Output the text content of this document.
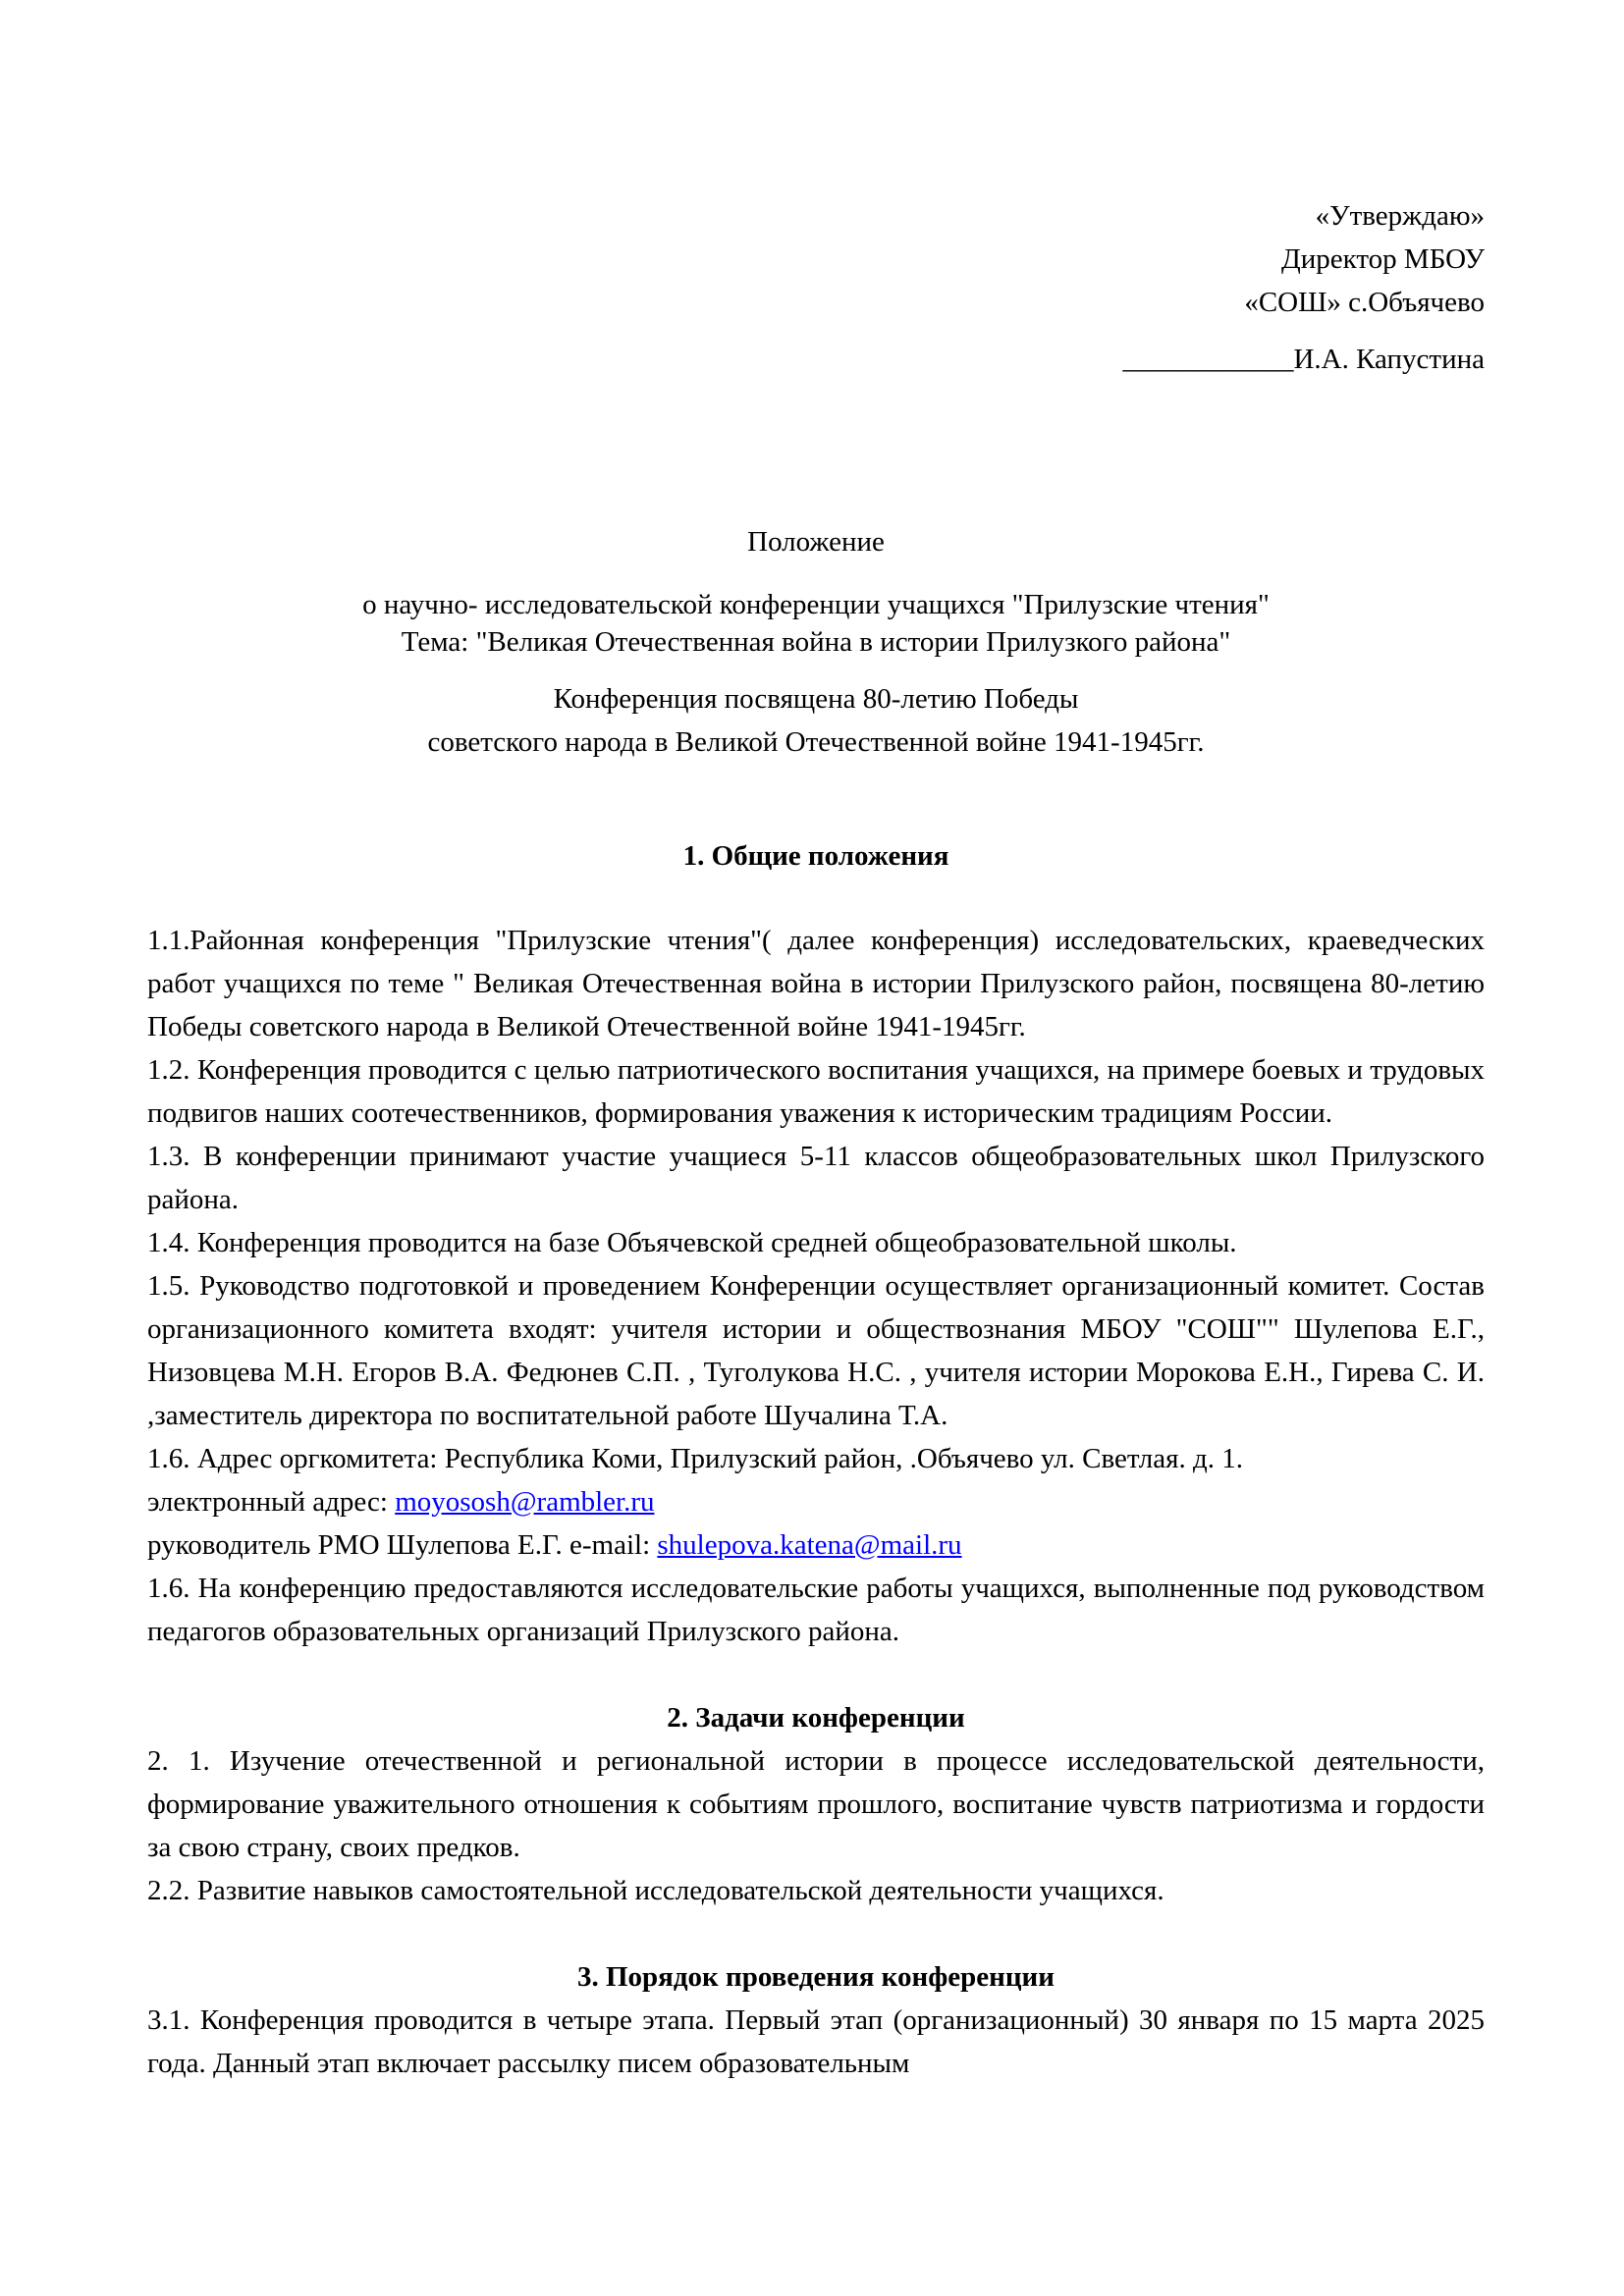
«Утверждаю»
Директор МБОУ
«СОШ» с.Объячево
____________И.А. Капустина
Положение
о научно- исследовательской конференции учащихся "Прилузские чтения"
Тема: "Великая Отечественная война в истории Прилузкого района"
Конференция посвящена 80-летию Победы
советского народа в Великой Отечественной войне 1941-1945гг.
1. Общие положения

1.1.Районная конференция "Прилузские чтения"( далее конференция) исследовательских, краеведческих работ учащихся по теме " Великая Отечественная война в истории Прилузского район, посвящена 80-летию Победы советского народа в Великой Отечественной войне 1941-1945гг.

1.2. Конференция проводится с целью патриотического воспитания учащихся, на примере боевых и трудовых подвигов наших соотечественников, формирования уважения к историческим традициям России.

1.3. В конференции принимают участие учащиеся 5-11 классов общеобразовательных школ Прилузского района.

1.4. Конференция проводится на базе Объячевской средней общеобразовательной школы.

1.5. Руководство подготовкой и проведением Конференции осуществляет организационный комитет. Состав организационного комитета входят: учителя истории и обществознания МБОУ "СОШ"" Шулепова Е.Г., Низовцева М.Н. Егоров В.А. Федюнев С.П. , Туголукова Н.С. , учителя истории Морокова Е.Н., Гирева С. И. ,заместитель директора по воспитательной работе Шучалина Т.А.

1.6. Адрес оргкомитета: Республика Коми, Прилузский район, .Объячево ул. Светлая. д. 1.

электронный адрес: moyososh@rambler.ru

руководитель РМО Шулепова Е.Г. e-mail: shulepova.katena@mail.ru

1.6. На конференцию предоставляются исследовательские работы учащихся, выполненные под руководством педагогов образовательных организаций Прилузского района.

2. Задачи конференции

2. 1. Изучение отечественной и региональной истории в процессе исследовательской деятельности, формирование уважительного отношения к событиям прошлого, воспитание чувств патриотизма и гордости за свою страну, своих предков.

2.2. Развитие навыков самостоятельной исследовательской деятельности учащихся.

3. Порядок проведения конференции

3.1. Конференция проводится в четыре этапа. Первый этап (организационный) 30 января по 15 марта 2025 года. Данный этап включает рассылку писем образовательным
